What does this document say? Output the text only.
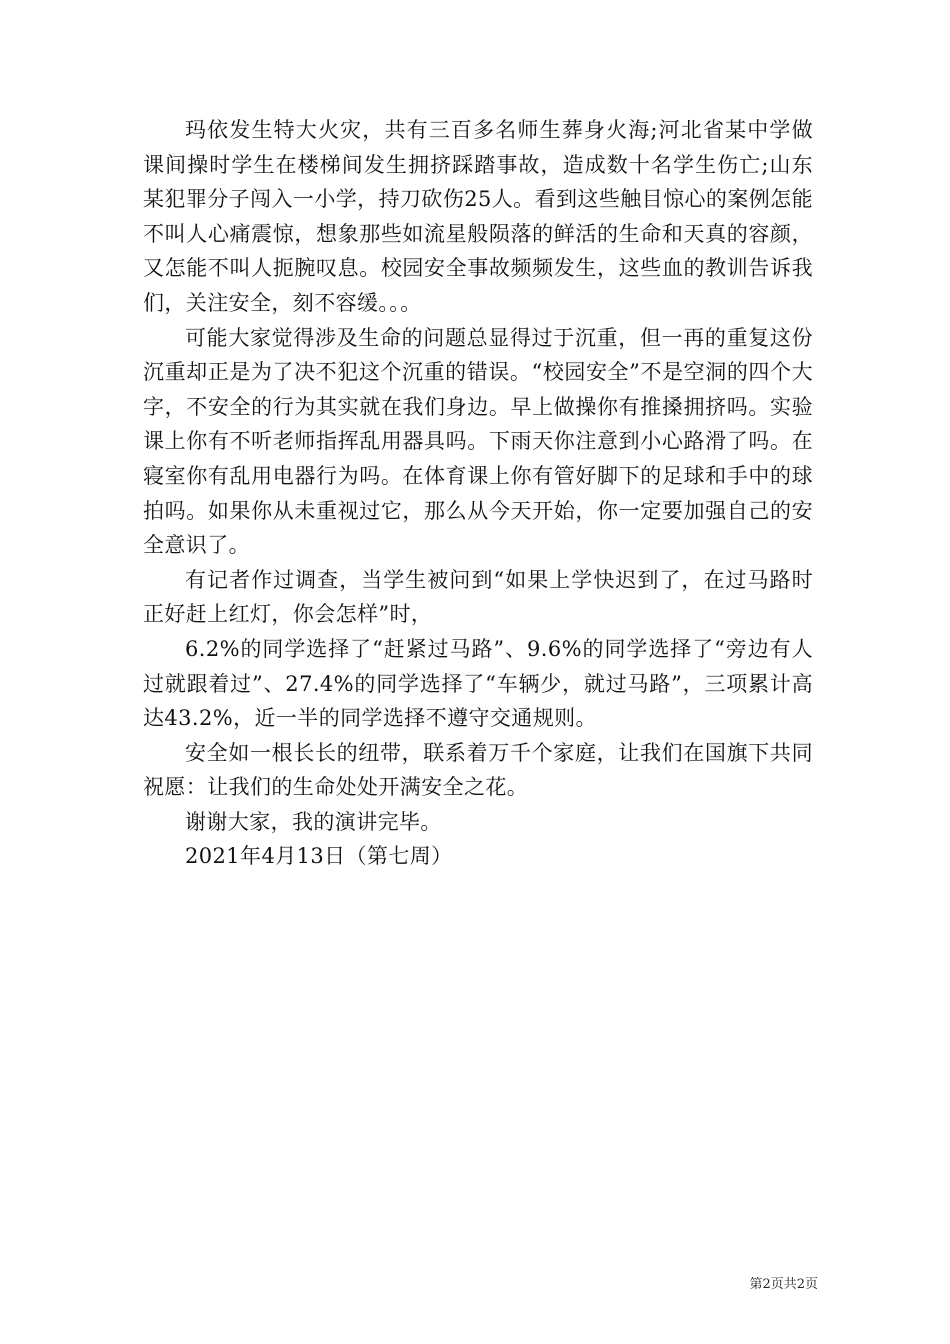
玛依发生特大火灾，共有三百多名师生葬身火海;河北省某中学做课间操时学生在楼梯间发生拥挤踩踏事故，造成数十名学生伤亡;山东某犯罪分子闯入一小学，持刀砍伤25人。看到这些触目惊心的案例怎能不叫人心痛震惊，想象那些如流星般陨落的鲜活的生命和天真的容颜，又怎能不叫人扼腕叹息。校园安全事故频频发生，这些血的教训告诉我们，关注安全，刻不容缓。。。

可能大家觉得涉及生命的问题总显得过于沉重，但一再的重复这份沉重却正是为了决不犯这个沉重的错误。“校园安全”不是空洞的四个大字，不安全的行为其实就在我们身边。早上做操你有推搡拥挤吗。实验课上你有不听老师指挥乱用器具吗。下雨天你注意到小心路滑了吗。在寝室你有乱用电器行为吗。在体育课上你有管好脚下的足球和手中的球拍吗。如果你从未重视过它，那么从今天开始，你一定要加强自己的安全意识了。

有记者作过调查，当学生被问到“如果上学快迟到了，在过马路时正好赶上红灯，你会怎样”时，

6.2%的同学选择了“赶紧过马路”、9.6%的同学选择了“旁边有人过就跟着过”、27.4%的同学选择了“车辆少，就过马路”，三项累计高达43.2%，近一半的同学选择不遵守交通规则。

安全如一根长长的纽带，联系着万千个家庭，让我们在国旗下共同祝愿：让我们的生命处处开满安全之花。

谢谢大家，我的演讲完毕。

2021年4月13日（第七周）

第2页共2页
